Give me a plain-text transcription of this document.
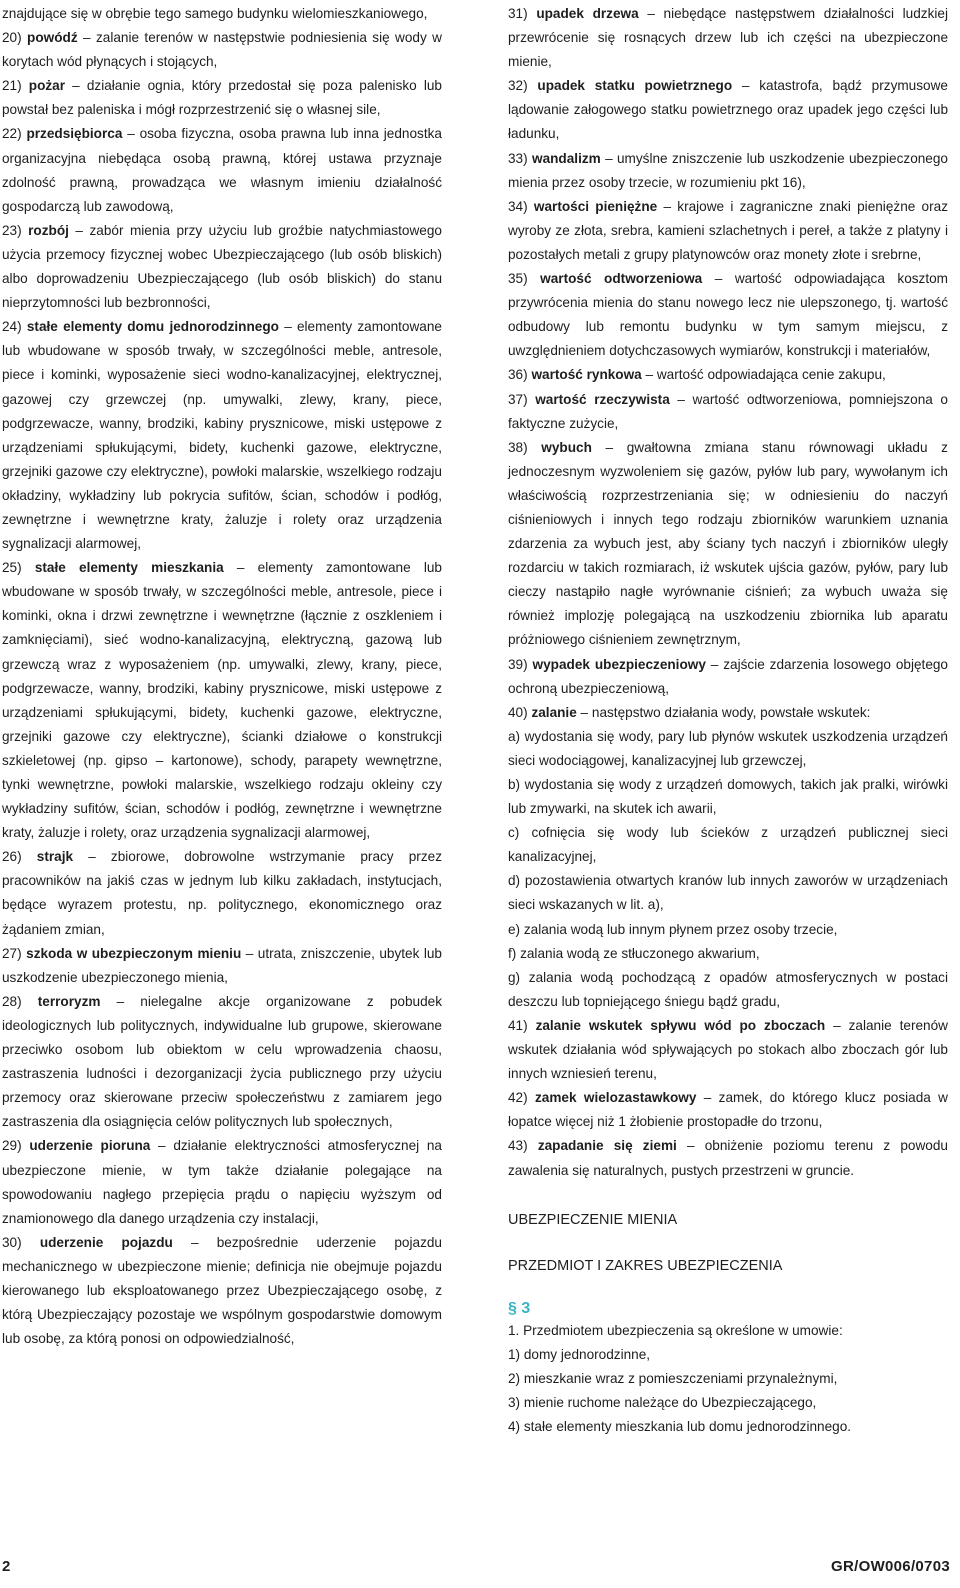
znajdujące się w obrębie tego samego budynku wielomieszkaniowego,
20) powódź – zalanie terenów w następstwie podniesienia się wody w korytach wód płynących i stojących,
21) pożar – działanie ognia, który przedostał się poza palenisko lub powstał bez paleniska i mógł rozprzestrzenić się o własnej sile,
22) przedsiębiorca – osoba fizyczna, osoba prawna lub inna jednostka organizacyjna niebędąca osobą prawną, której ustawa przyznaje zdolność prawną, prowadząca we własnym imieniu działalność gospodarczą lub zawodową,
23) rozbój – zabór mienia przy użyciu lub groźbie natychmiastowego użycia przemocy fizycznej wobec Ubezpieczającego (lub osób bliskich) albo doprowadzeniu Ubezpieczającego (lub osób bliskich) do stanu nieprzytomności lub bezbronności,
24) stałe elementy domu jednorodzinnego – elementy zamontowane lub wbudowane w sposób trwały, w szczególności meble, antresole, piece i kominki, wyposażenie sieci wodno-kanalizacyjnej, elektrycznej, gazowej czy grzewczej (np. umywalki, zlewy, krany, piece, podgrzewacze, wanny, brodziki, kabiny prysznicowe, miski ustępowe z urządzeniami spłukującymi, bidety, kuchenki gazowe, elektryczne, grzejniki gazowe czy elektryczne), powłoki malarskie, wszelkiego rodzaju okładziny, wykładziny lub pokrycia sufitów, ścian, schodów i podłóg, zewnętrzne i wewnętrzne kraty, żaluzje i rolety oraz urządzenia sygnalizacji alarmowej,
25) stałe elementy mieszkania – elementy zamontowane lub wbudowane w sposób trwały, w szczególności meble, antresole, piece i kominki, okna i drzwi zewnętrzne i wewnętrzne (łącznie z oszkleniem i zamknięciami), sieć wodno-kanalizacyjną, elektryczną, gazową lub grzewczą wraz z wyposażeniem (np. umywalki, zlewy, krany, piece, podgrzewacze, wanny, brodziki, kabiny prysznicowe, miski ustępowe z urządzeniami spłukującymi, bidety, kuchenki gazowe, elektryczne, grzejniki gazowe czy elektryczne), ścianki działowe o konstrukcji szkieletowej (np. gipso – kartonowe), schody, parapety wewnętrzne, tynki wewnętrzne, powłoki malarskie, wszelkiego rodzaju okleiny czy wykładziny sufitów, ścian, schodów i podłóg, zewnętrzne i wewnętrzne kraty, żaluzje i rolety, oraz urządzenia sygnalizacji alarmowej,
26) strajk – zbiorowe, dobrowolne wstrzymanie pracy przez pracowników na jakiś czas w jednym lub kilku zakładach, instytucjach, będące wyrazem protestu, np. politycznego, ekonomicznego oraz żądaniem zmian,
27) szkoda w ubezpieczonym mieniu – utrata, zniszczenie, ubytek lub uszkodzenie ubezpieczonego mienia,
28) terroryzm – nielegalne akcje organizowane z pobudek ideologicznych lub politycznych, indywidualne lub grupowe, skierowane przeciwko osobom lub obiektom w celu wprowadzenia chaosu, zastraszenia ludności i dezorganizacji życia publicznego przy użyciu przemocy oraz skierowane przeciw społeczeństwu z zamiarem jego zastraszenia dla osiągnięcia celów politycznych lub społecznych,
29) uderzenie pioruna – działanie elektryczności atmosferycznej na ubezpieczone mienie, w tym także działanie polegające na spowodowaniu nagłego przepięcia prądu o napięciu wyższym od znamionowego dla danego urządzenia czy instalacji,
30) uderzenie pojazdu – bezpośrednie uderzenie pojazdu mechanicznego w ubezpieczone mienie; definicja nie obejmuje pojazdu kierowanego lub eksploatowanego przez Ubezpieczającego osobę, z którą Ubezpieczający pozostaje we wspólnym gospodarstwie domowym lub osobę, za którą ponosi on odpowiedzialność,
31) upadek drzewa – niebędące następstwem działalności ludzkiej przewrócenie się rosnących drzew lub ich części na ubezpieczone mienie,
32) upadek statku powietrznego – katastrofa, bądź przymusowe lądowanie załogowego statku powietrznego oraz upadek jego części lub ładunku,
33) wandalizm – umyślne zniszczenie lub uszkodzenie ubezpieczonego mienia przez osoby trzecie, w rozumieniu pkt 16),
34) wartości pieniężne – krajowe i zagraniczne znaki pieniężne oraz wyroby ze złota, srebra, kamieni szlachetnych i pereł, a także z platyny i pozostałych metali z grupy platynowców oraz monety złote i srebrne,
35) wartość odtworzeniowa – wartość odpowiadająca kosztom przywrócenia mienia do stanu nowego lecz nie ulepszonego, tj. wartość odbudowy lub remontu budynku w tym samym miejscu, z uwzględnieniem dotychczasowych wymiarów, konstrukcji i materiałów,
36) wartość rynkowa – wartość odpowiadająca cenie zakupu,
37) wartość rzeczywista – wartość odtworzeniowa, pomniejszona o faktyczne zużycie,
38) wybuch – gwałtowna zmiana stanu równowagi układu z jednoczesnym wyzwoleniem się gazów, pyłów lub pary, wywołanym ich właściwością rozprzestrzeniania się; w odniesieniu do naczyń ciśnieniowych i innych tego rodzaju zbiorników warunkiem uznania zdarzenia za wybuch jest, aby ściany tych naczyń i zbiorników uległy rozdarciu w takich rozmiarach, iż wskutek ujścia gazów, pyłów, pary lub cieczy nastąpiło nagłe wyrównanie ciśnień; za wybuch uważa się również implozję polegającą na uszkodzeniu zbiornika lub aparatu próżniowego ciśnieniem zewnętrznym,
39) wypadek ubezpieczeniowy – zajście zdarzenia losowego objętego ochroną ubezpieczeniową,
40) zalanie – następstwo działania wody, powstałe wskutek:
a) wydostania się wody, pary lub płynów wskutek uszkodzenia urządzeń sieci wodociągowej, kanalizacyjnej lub grzewczej,
b) wydostania się wody z urządzeń domowych, takich jak pralki, wirówki lub zmywarki, na skutek ich awarii,
c) cofnięcia się wody lub ścieków z urządzeń publicznej sieci kanalizacyjnej,
d) pozostawienia otwartych kranów lub innych zaworów w urządzeniach sieci wskazanych w lit. a),
e) zalania wodą lub innym płynem przez osoby trzecie,
f) zalania wodą ze stłuczonego akwarium,
g) zalania wodą pochodzącą z opadów atmosferycznych w postaci deszczu lub topniejącego śniegu bądź gradu,
41) zalanie wskutek spływu wód po zboczach – zalanie terenów wskutek działania wód spływających po stokach albo zboczach gór lub innych wzniesień terenu,
42) zamek wielozastawkowy – zamek, do którego klucz posiada w łopatce więcej niż 1 żłobienie prostopadłe do trzonu,
43) zapadanie się ziemi – obniżenie poziomu terenu z powodu zawalenia się naturalnych, pustych przestrzeni w gruncie.
UBEZPIECZENIE MIENIA
PRZEDMIOT I ZAKRES UBEZPIECZENIA
§ 3
1. Przedmiotem ubezpieczenia są określone w umowie:
1) domy jednorodzinne,
2) mieszkanie wraz z pomieszczeniami przynależnymi,
3) mienie ruchome należące do Ubezpieczającego,
4) stałe elementy mieszkania lub domu jednorodzinnego.
2	GR/OW006/0703
